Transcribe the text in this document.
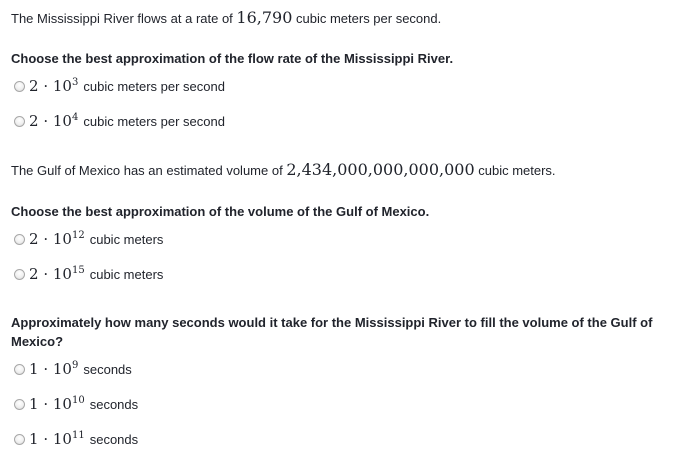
The Mississippi River flows at a rate of 16,790 cubic meters per second.
Choose the best approximation of the flow rate of the Mississippi River.
$2 \cdot 10^3$ cubic meters per second
$2 \cdot 10^4$ cubic meters per second
The Gulf of Mexico has an estimated volume of 2,434,000,000,000,000 cubic meters.
Choose the best approximation of the volume of the Gulf of Mexico.
$2 \cdot 10^{12}$ cubic meters
$2 \cdot 10^{15}$ cubic meters
Approximately how many seconds would it take for the Mississippi River to fill the volume of the Gulf of Mexico?
$1 \cdot 10^9$ seconds
$1 \cdot 10^{10}$ seconds
$1 \cdot 10^{11}$ seconds
